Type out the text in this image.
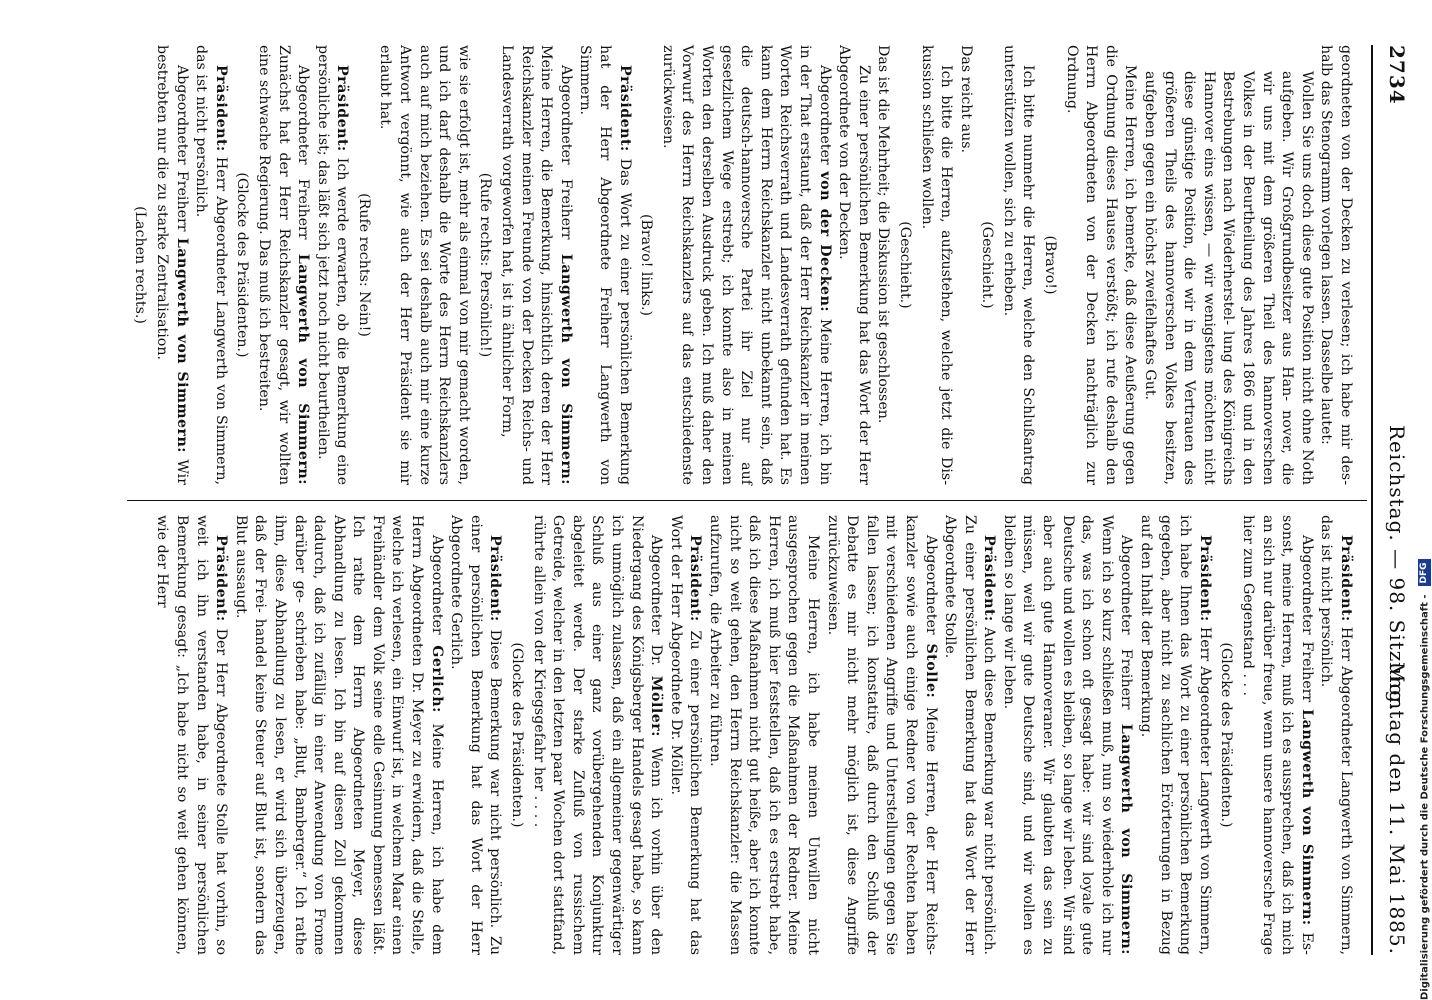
2734
Reichstag. — 98. Sitzung.
Montag den 11. Mai 1885.

geordneten von der Decken zu verlesen; ich habe mir des- halb das Stenogramm vorlegen lassen. Dasselbe lautet:

Wollen Sie uns doch diese gute Position nicht ohne Noth aufgeben. Wir Großgrundbesitzer aus Han- nover, die wir uns mit dem größeren Theil des hannoverschen Volkes in der Beurtheilung des Jahres 1866 und in den Bestrebungen nach Wiederherstel- lung des Königreichs Hannover eins wissen, — wir wenigstens möchten nicht diese günstige Position, die wir in dem Vertrauen des größeren Theils des hannoverschen Volkes besitzen, aufgeben gegen ein höchst zweifelhaftes Gut.

Meine Herren, ich bemerke, daß diese Aeußerung gegen die Ordnung dieses Hauses verstößt; ich rufe deshalb den Herrn Abgeordneten von der Decken nachträglich zur Ordnung.

(Bravo!)

Ich bitte nunmehr die Herren, welche den Schlußantrag unterstützen wollen, sich zu erheben.

(Geschieht.)

Das reicht aus.

Ich bitte die Herren, aufzustehen, welche jetzt die Dis- kussion schließen wollen.

(Geschieht.)

Das ist die Mehrheit; die Diskussion ist geschlossen.

Zu einer persönlichen Bemerkung hat das Wort der Herr Abgeordnete von der Decken.

Abgeordneter von der Decken: Meine Herren, ich bin in der That erstaunt, daß der Herr Reichskanzler in meinen Worten Reichsverrath und Landesverrath gefunden hat. Es kann dem Herrn Reichskanzler nicht unbekannt sein, daß die deutsch-hannoversche Partei ihr Ziel nur auf gesetzlichem Wege erstrebt; ich konnte also in meinen Worten den derselben Ausdruck geben. Ich muß daher den Vorwurf des Herrn Reichskanzlers auf das entschiedenste zurückweisen.

(Bravo! links.)

Präsident: Das Wort zu einer persönlichen Bemerkung hat der Herr Abgeordnete Freiherr Langwerth von Simmern.

Abgeordneter Freiherr Langwerth von Simmern: Meine Herren, die Bemerkung, hinsichtlich deren der Herr Reichskanzler meinen Freunde von der Decken Reichs- und Landesverrath vorgeworfen hat, ist in ähnlicher Form,

(Rufe rechts: Persönlich!)

wie sie erfolgt ist, mehr als einmal von mir gemacht worden, und ich darf deshalb die Worte des Herrn Reichskanzlers auch auf mich beziehen. Es sei deshalb auch mir eine kurze Antwort vergönnt, wie auch der Herr Präsident sie mir erlaubt hat.

(Rufe rechts: Nein!)

Präsident: Ich werde erwarten, ob die Bemerkung eine persönliche ist; das läßt sich jetzt noch nicht beurtheilen.

Abgeordneter Freiherr Langwerth von Simmern: Zunächst hat der Herr Reichskanzler gesagt, wir wollten eine schwache Regierung. Das muß ich bestreiten.

(Glocke des Präsidenten.)

Präsident: Herr Abgeordneter Langwerth von Simmern, das ist nicht persönlich.

Abgeordneter Freiherr Langwerth von Simmern: Wir bestrebten nur die zu starke Zentralisation.

(Lachen rechts.)

Präsident: Herr Abgeordneter Langwerth von Simmern, das ist nicht persönlich.

Abgeordneter Freiherr Langwerth von Simmern: Es- sonst, meine Herren, muß ich es aussprechen, daß ich mich an sich nur darüber freue, wenn unsere hannoversche Frage hier zum Gegenstand . . .

(Glocke des Präsidenten.)

Präsident: Herr Abgeordneter Langwerth von Simmern, ich habe Ihnen das Wort zu einer persönlichen Bemerkung gegeben, aber nicht zu sachlichen Erörterungen in Bezug auf den Inhalt der Bemerkung.

Abgeordneter Freiherr Langwerth von Simmern: Wenn ich so kurz schließen muß, nun so wiederhole ich nur das, was ich schon oft gesagt habe: wir sind loyale gute Deutsche und wollen es bleiben, so lange wir leben. Wir sind aber auch gute Hannoveraner. Wir glaubten das sein zu müssen, weil wir gute Deutsche sind, und wir wollen es bleiben so lange wir leben.

Präsident: Auch diese Bemerkung war nicht persönlich. Zu einer persönlichen Bemerkung hat das Wort der Herr Abgeordnete Stolle.

Abgeordneter Stolle: Meine Herren, der Herr Reichs- kanzler sowie auch einige Redner von der Rechten haben mit verschiedenen Angriffe und Unterstellungen gegen Sie fallen lassen; ich konstatire, daß durch den Schluß der Debatte es mir nicht mehr möglich ist, diese Angriffe zurückzuweisen.

Meine Herren, ich habe meinen Unwillen nicht ausgesprochen gegen die Maßnahmen der Redner. Meine Herren, ich muß hier feststellen, daß ich es erstrebt habe, daß ich diese Maßnahmen nicht gut heiße, aber ich konnte nicht so weit gehen, den Herrn Reichskanzler: die Massen aufzurufen, die Arbeiter zu führen.

Präsident: Zu einer persönlichen Bemerkung hat das Wort der Herr Abgeordnete Dr. Möller.

Abgeordneter Dr. Möller: Wenn ich vorhin über den Niedergang des Königsberger Handels gesagt habe, so kann ich unmöglich zulassen, daß ein allgemeiner gegenwärtiger Schluß aus einer ganz vorübergehenden Konjunktur abgeleitet werde. Der starke Zufluß von russischem Getreide, welcher in den letzten paar Wochen dort stattfand, rührte allein von der Kriegsgefahr her . . . .

(Glocke des Präsidenten.)

Präsident: Diese Bemerkung war nicht persönlich. Zu einer persönlichen Bemerkung hat das Wort der Herr Abgeordnete Gerlich.

Abgeordneter Gerlich: Meine Herren, ich habe dem Herrn Abgeordneten Dr. Meyer zu erwidern, daß die Stelle, welche ich verlesen, ein Einwurf ist, in welchem Maar einen Freihändler dem Volk seine edle Gesinnung bemessen läßt. Ich rathe dem Herrn Abgeordneten Meyer, diese Abhandlung zu lesen. Ich bin auf diesen Zoll gekommen dadurch, daß ich zufällig in einer Anwendung von Frome darüber ge- schrieben habe: „Blut, Bamberger.“ Ich rathe ihm, diese Abhandlung zu lesen, er wird sich überzeugen, daß der Frei- handel keine Steuer auf Blut ist, sondern das Blut aussaugt.

Präsident: Der Herr Abgeordnete Stolle hat vorhin, so weit ich ihn verstanden habe, in seiner persönlichen Bemerkung gesagt: „Ich habe nicht so weit gehen können, wie der Herr

Digitalisierung gefördert durch die Deutsche Forschungsgemeinschaft -DFG
